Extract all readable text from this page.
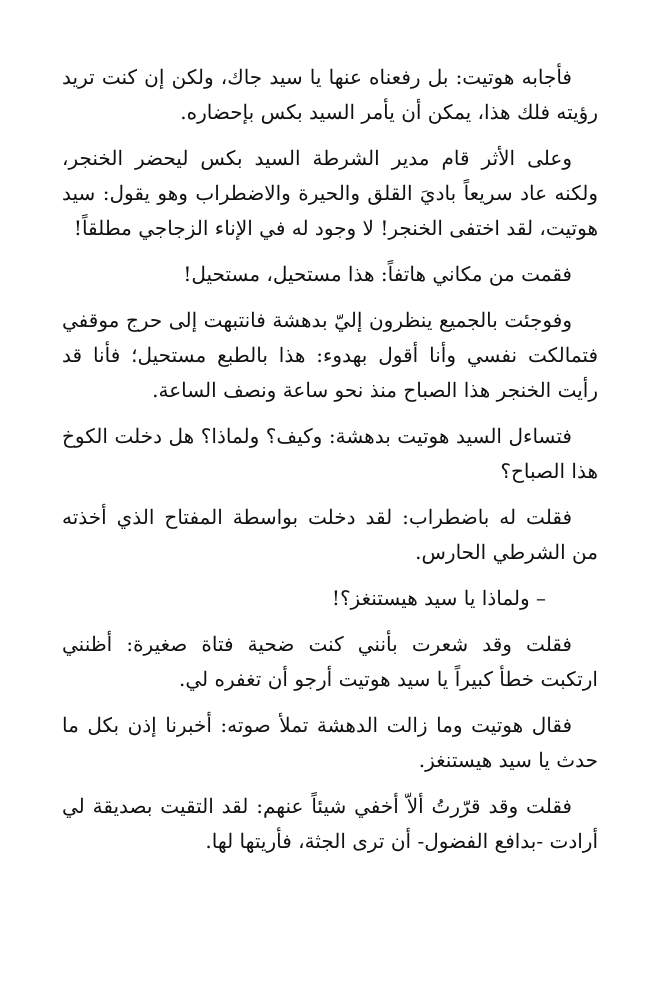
فأجابه هوتيت: بل رفعناه عنها يا سيد جاك، ولكن إن كنت تريد رؤيته فلك هذا، يمكن أن يأمر السيد بكس بإحضاره.

وعلى الأثر قام مدير الشرطة السيد بكس ليحضر الخنجر، ولكنه عاد سريعاً باديَ القلق والحيرة والاضطراب وهو يقول: سيد هوتيت، لقد اختفى الخنجر! لا وجود له في الإناء الزجاجي مطلقاً!

فقمت من مكاني هاتفاً: هذا مستحيل، مستحيل!

وفوجئت بالجميع ينظرون إليّ بدهشة فانتبهت إلى حرج موقفي فتمالكت نفسي وأنا أقول بهدوء: هذا بالطبع مستحيل؛ فأنا قد رأيت الخنجر هذا الصباح منذ نحو ساعة ونصف الساعة.

فتساءل السيد هوتيت بدهشة: وكيف؟ ولماذا؟ هل دخلت الكوخ هذا الصباح؟

فقلت له باضطراب: لقد دخلت بواسطة المفتاح الذي أخذته من الشرطي الحارس.

– ولماذا يا سيد هيستنغز؟!

فقلت وقد شعرت بأنني كنت ضحية فتاة صغيرة: أظنني ارتكبت خطأ كبيراً يا سيد هوتيت أرجو أن تغفره لي.

فقال هوتيت وما زالت الدهشة تملأ صوته: أخبرنا إذن بكل ما حدث يا سيد هيستنغز.

فقلت وقد قرّرتُ ألاّ أخفي شيئاً عنهم: لقد التقيت بصديقة لي أرادت -بدافع الفضول- أن ترى الجثة، فأريتها لها.
